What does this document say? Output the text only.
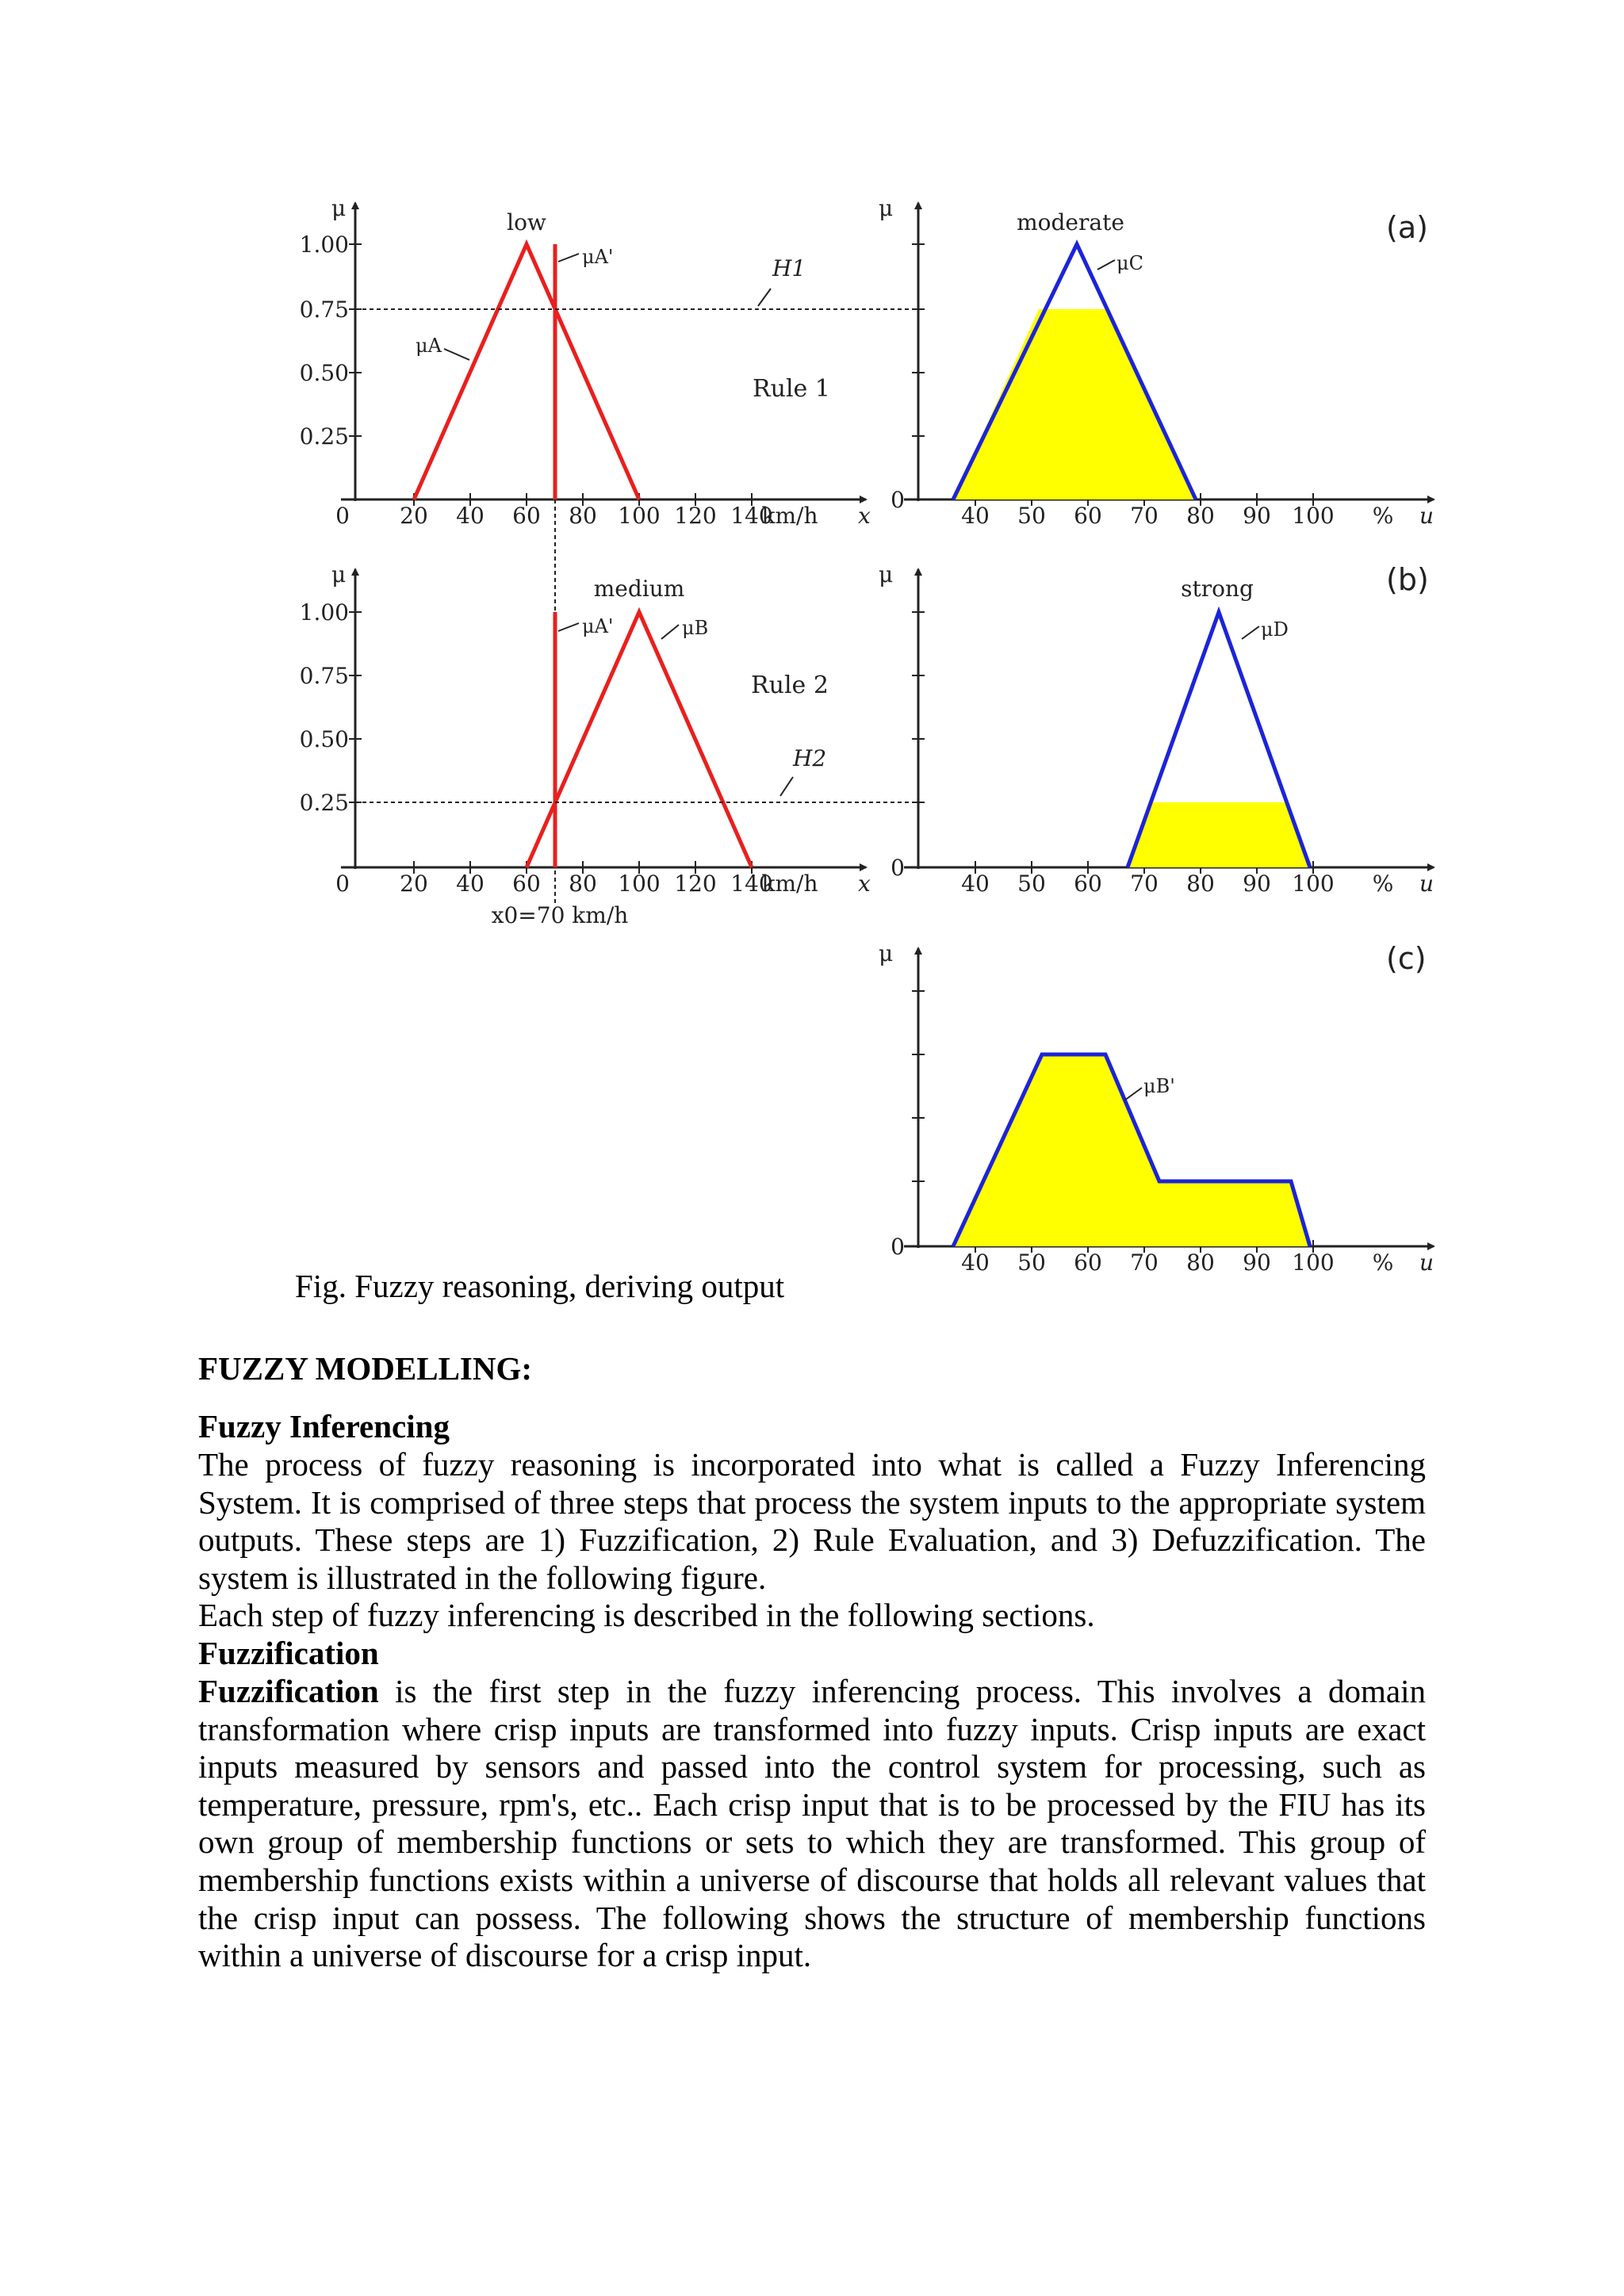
μ
1.00
0.75
0.50
0.25
0 20 40 60 80 100 120 140
km/h x
low
μA'
μA
H1
Rule 1
μ
0
40 50 60 70 80 90 100 % u
moderate
μC
(a)
μ
1.00
0.75
0.50
0.25
0 20 40 60 80 100 120 140
km/h x
x0=70 km/h
medium
μA'	μB
H2
Rule 2
μ
0
40 50 60 70 80 90 100 % u
strong
μD
(b)
μ
0
40 50 60 70 80 90 100 % u
μB'
(c)
Fig. Fuzzy reasoning, deriving output
FUZZY MODELLING:
Fuzzy Inferencing
The process of fuzzy reasoning is incorporated into what is called a Fuzzy Inferencing System. It is comprised of three steps that process the system inputs to the appropriate system outputs. These steps are 1) Fuzzification, 2) Rule Evaluation, and 3) Defuzzification. The system is illustrated in the following figure.
Each step of fuzzy inferencing is described in the following sections.
Fuzzification
Fuzzification is the first step in the fuzzy inferencing process. This involves a domain transformation where crisp inputs are transformed into fuzzy inputs. Crisp inputs are exact inputs measured by sensors and passed into the control system for processing, such as temperature, pressure, rpm's, etc.. Each crisp input that is to be processed by the FIU has its own group of membership functions or sets to which they are transformed. This group of membership functions exists within a universe of discourse that holds all relevant values that the crisp input can possess. The following shows the structure of membership functions within a universe of discourse for a crisp input.
